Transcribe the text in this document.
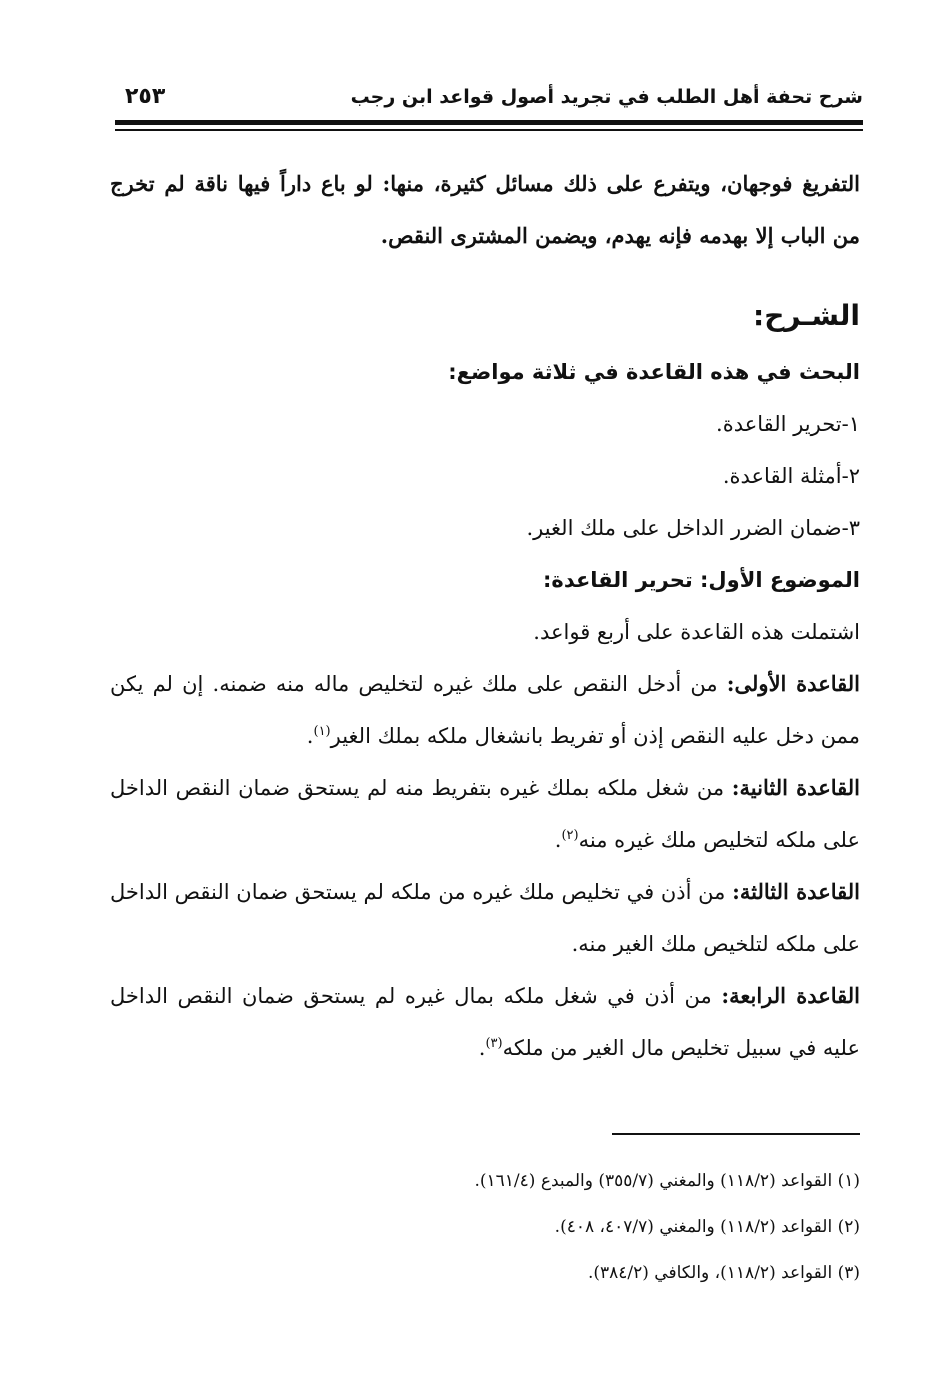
شرح تحفة أهل الطلب في تجريد أصول قواعد ابن رجب
٢٥٣

التفريغ فوجهان، ويتفرع على ذلك مسائل كثيرة، منها: لو باع داراً فيها ناقة لم تخرج من الباب إلا بهدمه فإنه يهدم، ويضمن المشترى النقص.

الشـرح:

البحث في هذه القاعدة في ثلاثة مواضع:

١-تحرير القاعدة.

٢-أمثلة القاعدة.

٣-ضمان الضرر الداخل على ملك الغير.

الموضوع الأول: تحرير القاعدة:

اشتملت هذه القاعدة على أربع قواعد.

القاعدة الأولى: من أدخل النقص على ملك غيره لتخليص ماله منه ضمنه. إن لم يكن ممن دخل عليه النقص إذن أو تفريط بانشغال ملكه بملك الغير$^{(١)}$.

القاعدة الثانية: من شغل ملكه بملك غيره بتفريط منه لم يستحق ضمان النقص الداخل على ملكه لتخليص ملك غيره منه$^{(٢)}$.

القاعدة الثالثة: من أذن في تخليص ملك غيره من ملكه لم يستحق ضمان النقص الداخل على ملكه لتلخيص ملك الغير منه.

القاعدة الرابعة: من أذن في شغل ملكه بمال غيره لم يستحق ضمان النقص الداخل عليه في سبيل تخليص مال الغير من ملكه$^{(٣)}$.

(١) القواعد (١١٨/٢) والمغني (٣٥٥/٧) والمبدع (١٦١/٤).

(٢) القواعد (١١٨/٢) والمغني (٤٠٧/٧، ٤٠٨).

(٣) القواعد (١١٨/٢)، والكافي (٣٨٤/٢).
